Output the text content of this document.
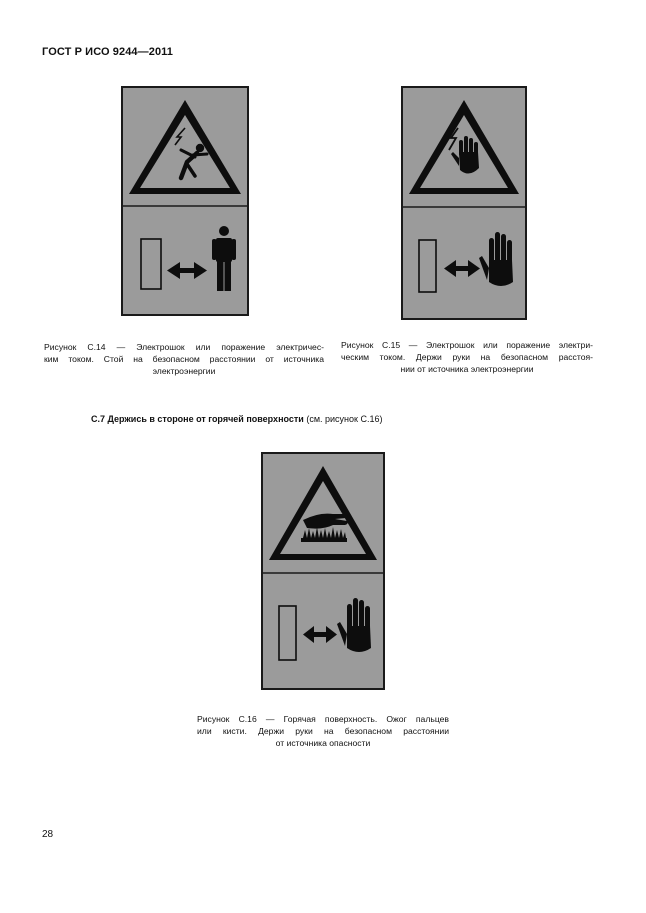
ГОСТ Р ИСО 9244—2011
Рисунок С.14 — Электрошок или поражение электричес-
ким током. Стой на безопасном расстоянии от источника
электроэнергии
Рисунок С.15 — Электрошок или поражение электри-
ческим током. Держи руки на безопасном расстоя-
нии от источника электроэнергии
С.7 Держись в стороне от горячей поверхности (см. рисунок С.16)
Рисунок С.16 — Горячая поверхность. Ожог пальцев
или кисти. Держи руки на безопасном расстоянии
от источника опасности
28
